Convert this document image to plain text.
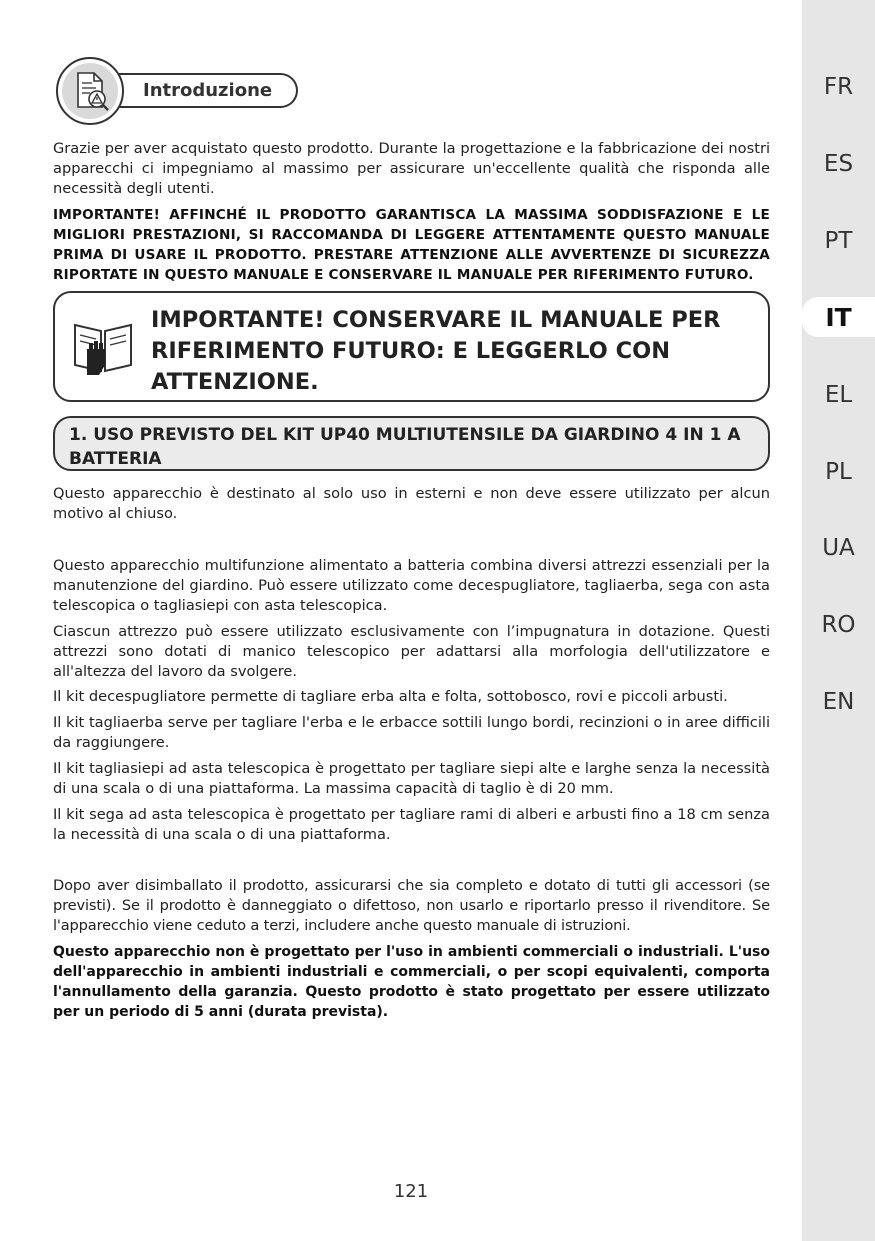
FR
ES
PT
IT
EL
PL
UA
RO
EN
Introduzione
Grazie per aver acquistato questo prodotto. Durante la progettazione e la fabbricazione dei nostri apparecchi ci impegniamo al massimo per assicurare un'eccellente qualità che risponda alle necessità degli utenti.
IMPORTANTE! AFFINCHÉ IL PRODOTTO GARANTISCA LA MASSIMA SODDISFAZIONE E LE MIGLIORI PRESTAZIONI, SI RACCOMANDA DI LEGGERE ATTENTAMENTE QUESTO MANUALE PRIMA DI USARE IL PRODOTTO. PRESTARE ATTENZIONE ALLE AVVERTENZE DI SICUREZZA RIPORTATE IN QUESTO MANUALE E CONSERVARE IL MANUALE PER RIFERIMENTO FUTURO.
IMPORTANTE! CONSERVARE IL MANUALE PER RIFERIMENTO FUTURO: E LEGGERLO CON ATTENZIONE.
1. USO PREVISTO DEL KIT UP40 MULTIUTENSILE DA GIARDINO 4 IN 1 A BATTERIA
Questo apparecchio è destinato al solo uso in esterni e non deve essere utilizzato per alcun motivo al chiuso.
Questo apparecchio multifunzione alimentato a batteria combina diversi attrezzi essenziali per la manutenzione del giardino. Può essere utilizzato come decespugliatore, tagliaerba, sega con asta telescopica o tagliasiepi con asta telescopica.
Ciascun attrezzo può essere utilizzato esclusivamente con l’impugnatura in dotazione. Questi attrezzi sono dotati di manico telescopico per adattarsi alla morfologia dell'utilizzatore e all'altezza del lavoro da svolgere.
Il kit decespugliatore permette di tagliare erba alta e folta, sottobosco, rovi e piccoli arbusti.
Il kit tagliaerba serve per tagliare l'erba e le erbacce sottili lungo bordi, recinzioni o in aree difficili da raggiungere.
Il kit tagliasiepi ad asta telescopica è progettato per tagliare siepi alte e larghe senza la necessità di una scala o di una piattaforma. La massima capacità di taglio è di 20 mm.
Il kit sega ad asta telescopica è progettato per tagliare rami di alberi e arbusti fino a 18 cm senza la necessità di una scala o di una piattaforma.
Dopo aver disimballato il prodotto, assicurarsi che sia completo e dotato di tutti gli accessori (se previsti). Se il prodotto è danneggiato o difettoso, non usarlo e riportarlo presso il rivenditore. Se l'apparecchio viene ceduto a terzi, includere anche questo manuale di istruzioni.
Questo apparecchio non è progettato per l'uso in ambienti commerciali o industriali. L'uso dell'apparecchio in ambienti industriali e commerciali, o per scopi equivalenti, comporta l'annullamento della garanzia. Questo prodotto è stato progettato per essere utilizzato per un periodo di 5 anni (durata prevista).
121
